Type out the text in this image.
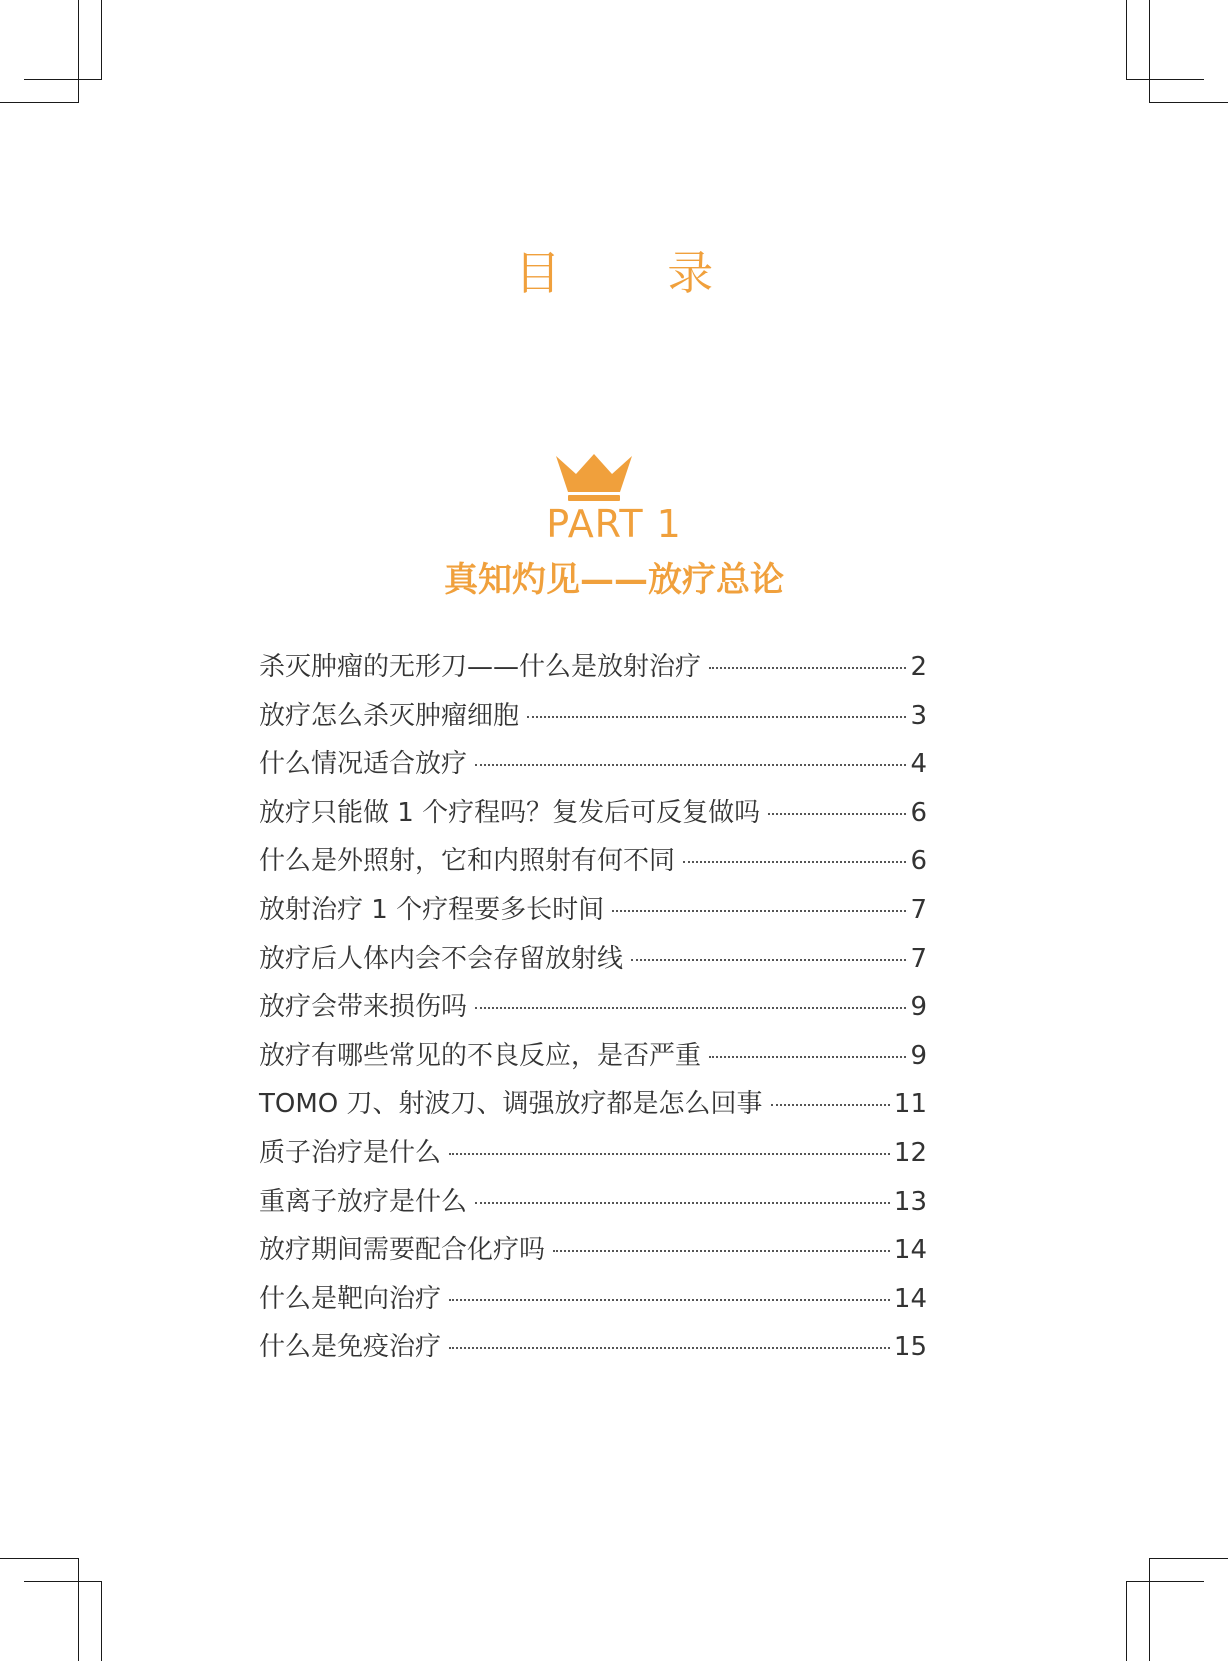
目 录
PART 1
真知灼见——放疗总论
杀灭肿瘤的无形刀——什么是放射治疗	2
放疗怎么杀灭肿瘤细胞	3
什么情况适合放疗	4
放疗只能做 1 个疗程吗？复发后可反复做吗	6
什么是外照射，它和内照射有何不同	6
放射治疗 1 个疗程要多长时间	7
放疗后人体内会不会存留放射线	7
放疗会带来损伤吗	9
放疗有哪些常见的不良反应，是否严重	9
TOMO 刀、射波刀、调强放疗都是怎么回事	11
质子治疗是什么	12
重离子放疗是什么	13
放疗期间需要配合化疗吗	14
什么是靶向治疗	14
什么是免疫治疗	15
